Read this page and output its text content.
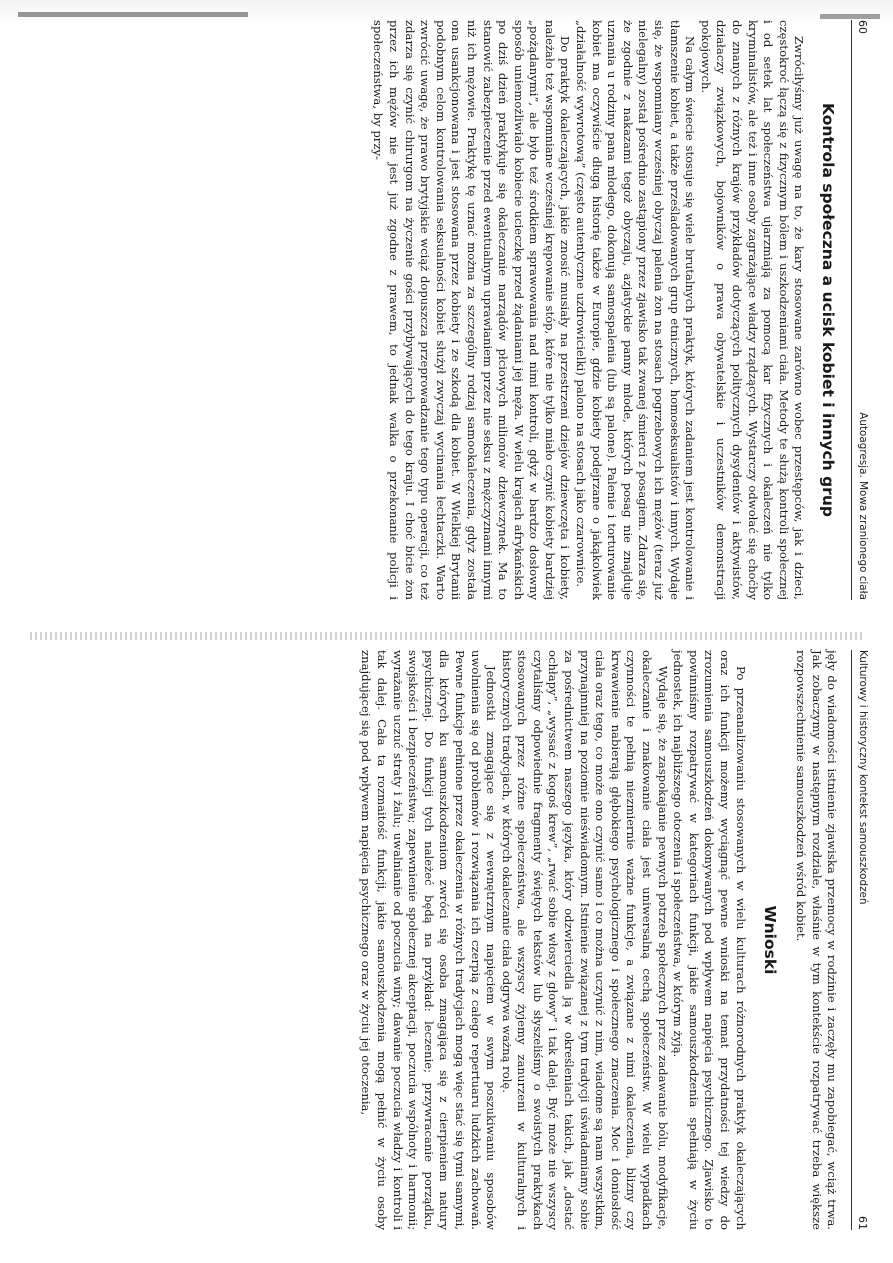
60
Autoagresja. Mowa zranionego ciała
Kontrola społeczna a ucisk kobiet i innych grup

Zwróciłyśmy już uwagę na to, że kary stosowane zarówno wobec przestępców, jak i dzieci, częstokroć łączą się z fizycznym bólem i uszkodzeniami ciała. Metody te służą kontroli społecznej i od setek lat społeczeństwa ujarzmiają za pomocą kar fizycznych i okaleczeń nie tylko kryminalistów, ale też i inne osoby zagrażające władzy rządzących. Wystarczy odwołać się choćby do znanych z różnych krajów przykładów dotyczących politycznych dysydentów i aktywistów, działaczy związkowych, bojowników o prawa obywatelskie i uczestników demonstracji pokojowych.

Na całym świecie stosuje się wiele brutalnych praktyk, których zadaniem jest kontrolowanie i tłamszenie kobiet, a także prześladowanych grup etnicznych, homoseksualistów i innych. Wydaje się, że wspomniany wcześniej obyczaj palenia żon na stosach pogrzebowych ich mężów (teraz już nielegalny) został pośrednio zastąpiony przez zjawisko tak zwanej śmierci z posagiem. Zdarza się, że zgodnie z nakazami tegoż obyczaju, azjatyckie panny młode, których posag nie znajduje uznania u rodziny pana młodego, dokonują samospalenia (lub są palone). Palenie i torturowanie kobiet ma oczywiście długą historię także w Europie, gdzie kobiety podejrzane o jakąkolwiek „działalność wywrotową” (często autentyczne uzdrowicielki) palono na stosach jako czarownice.

Do praktyk okaleczających, jakie znosić musiały na przestrzeni dziejów dziewczęta i kobiety, należało też wspomniane wcześniej krępowanie stóp, które nie tylko miało czynić kobiety bardziej „pożądanymi”, ale było też środkiem sprawowania nad nimi kontroli, gdyż w bardzo dosłowny sposób uniemożliwiało kobiecie ucieczkę przed żądaniami jej męża. W wielu krajach afrykańskich po dziś dzień praktykuje się okaleczanie narządów płciowych milionów dziewczynek. Ma to stanowić zabezpieczenie przed ewentualnym uprawianiem przez nie seksu z mężczyznami innymi niż ich mężowie. Praktykę tę uznać można za szczególny rodzaj samookaleczenia, gdyż została ona usankcjonowana i jest stosowana przez kobiety i ze szkodą dla kobiet. W Wielkiej Brytanii podobnym celom kontrolowania seksualności kobiet służył zwyczaj wycinania łechtaczki. Warto zwrócić uwagę, że prawo brytyjskie wciąż dopuszcza przeprowadzanie tego typu operacji, co też zdarza się czynić chirurgom na życzenie gości przybywających do tego kraju. I choć bicie żon przez ich mężów nie jest już zgodne z prawem, to jednak walka o przekonanie policji i społeczeństwa, by przy-

Kulturowy i historyczny kontekst samouszkodzeń
61

jęły do wiadomości istnienie zjawiska przemocy w rodzinie i zaczęły mu zapobiegać, wciąż trwa. Jak zobaczymy w następnym rozdziale, właśnie w tym kontekście rozpatrywać trzeba większe rozpowszechnienie samouszkodzeń wśród kobiet.

Wnioski

Po przeanalizowaniu stosowanych w wielu kulturach różnorodnych praktyk okaleczających oraz ich funkcji możemy wyciągnąć pewne wnioski na temat przydatności tej wiedzy do zrozumienia samouszkodzeń dokonywanych pod wpływem napięcia psychicznego. Zjawisko to powinniśmy rozpatrywać w kategoriach funkcji, jakie samouszkodzenia spełniają w życiu jednostek, ich najbliższego otoczenia i społeczeństwa, w którym żyją.

Wydaje się, że zaspokajanie pewnych potrzeb społecznych przez zadawanie bólu, modyfikacje, okaleczanie i znakowanie ciała jest uniwersalną cechą społeczeństw. W wielu wypadkach czynności te pełnią niezmiernie ważne funkcje, a związane z nimi okaleczenia, blizny czy krwawienie nabierają głębokiego psychologicznego i społecznego znaczenia. Moc i doniosłość ciała oraz tego, co może ono czynić samo i co można uczynić z nim, wiadome są nam wszystkim, przynajmniej na poziomie nieświadomym. Istnienie związanej z tym tradycji uświadamiamy sobie za pośrednictwem naszego języka, który odzwierciedla ją w określeniach takich, jak „dostać ochłapy”, „wyssać z kogoś krew”, „rwać sobie włosy z głowy” i tak dalej. Być może nie wszyscy czytaliśmy odpowiednie fragmenty świętych tekstów lub słyszeliśmy o swoistych praktykach stosowanych przez różne społeczeństwa, ale wszyscy żyjemy zanurzeni w kulturalnych i historycznych tradycjach, w których okaleczanie ciała odgrywa ważną rolę.

Jednostki zmagające się z wewnętrznym napięciem w swym poszukiwaniu sposobów uwolnienia się od problemów i rozwiązania ich czerpią z całego repertuaru ludzkich zachowań. Pewne funkcje pełnione przez okaleczenia w różnych tradycjach mogą więc stać się tymi samymi, dla których ku samouszkodzeniom zwróci się osoba zmagająca się z cierpieniem natury psychicznej. Do funkcji tych należeć będą na przykład: leczenie; przywracanie porządku, swojskości i bezpieczeństwa; zapewnienie społecznej akceptacji, poczucia wspólnoty i harmonii; wyrażanie uczuć straty i żalu; uwalnianie od poczucia winy; dawanie poczucia władzy i kontroli i tak dalej. Cała ta rozmaitość funkcji, jakie samouszkodzenia mogą pełnić w życiu osoby znajdującej się pod wpływem napięcia psychicznego oraz w życiu jej otoczenia,
